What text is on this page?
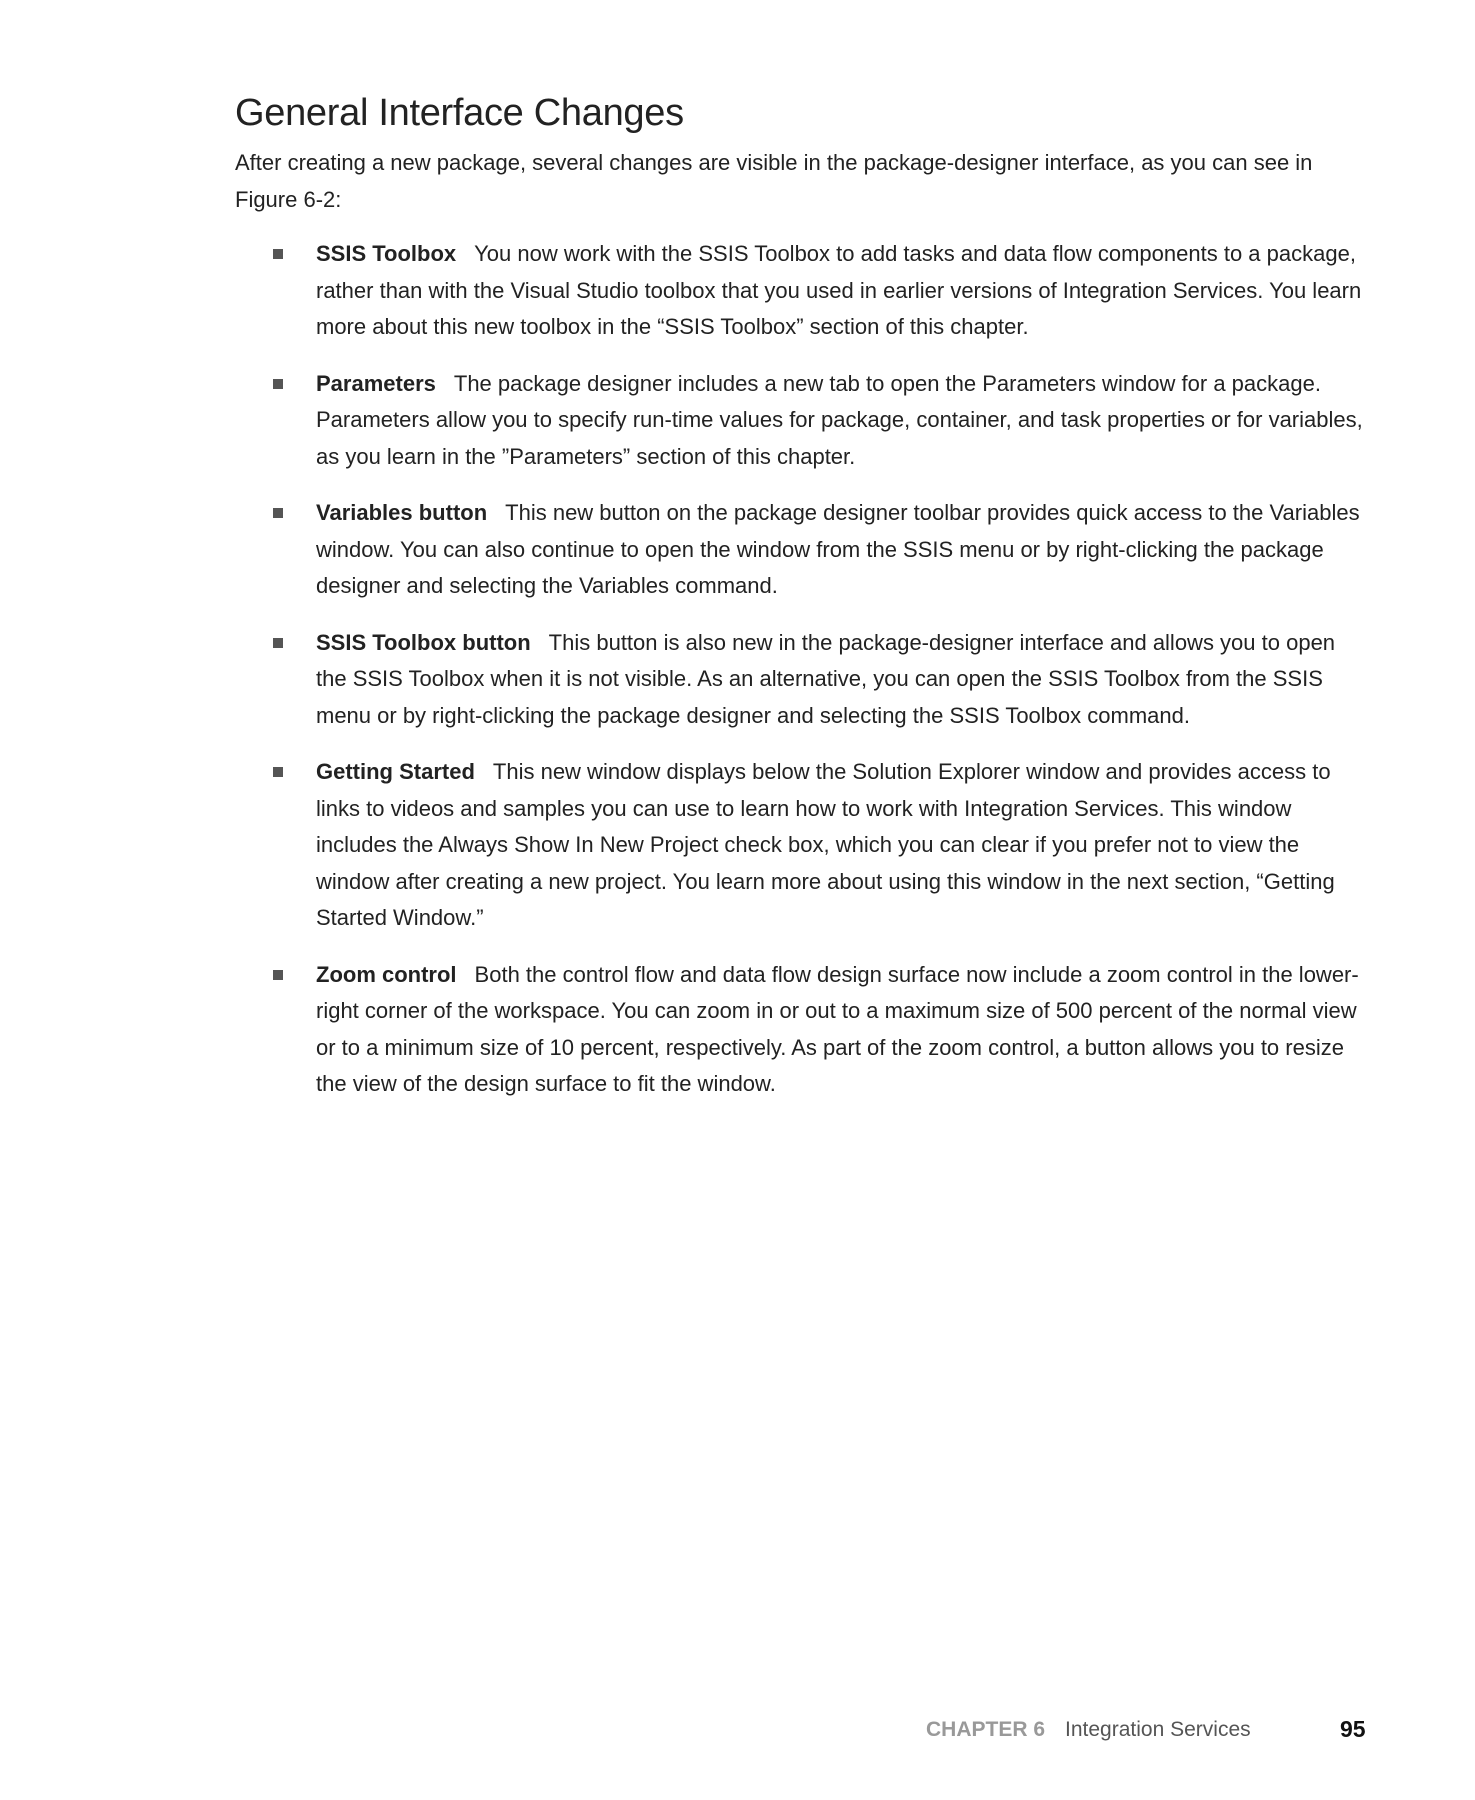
General Interface Changes

After creating a new package, several changes are visible in the package-designer interface, as you can see in Figure 6-2:

SSIS Toolbox You now work with the SSIS Toolbox to add tasks and data flow components to a package, rather than with the Visual Studio toolbox that you used in earlier versions of Integration Services. You learn more about this new toolbox in the “SSIS Toolbox” section of this chapter.
Parameters The package designer includes a new tab to open the Parameters window for a package. Parameters allow you to specify run-time values for package, container, and task properties or for variables, as you learn in the ”Parameters” section of this chapter.
Variables button This new button on the package designer toolbar provides quick access to the Variables window. You can also continue to open the window from the SSIS menu or by right-clicking the package designer and selecting the Variables command.
SSIS Toolbox button This button is also new in the package-designer interface and allows you to open the SSIS Toolbox when it is not visible. As an alternative, you can open the SSIS Toolbox from the SSIS menu or by right-clicking the package designer and selecting the SSIS Toolbox command.
Getting Started This new window displays below the Solution Explorer window and provides access to links to videos and samples you can use to learn how to work with Integration Services. This window includes the Always Show In New Project check box, which you can clear if you prefer not to view the window after creating a new project. You learn more about using this window in the next section, “Getting Started Window.”
Zoom control Both the control flow and data flow design surface now include a zoom control in the lower-right corner of the workspace. You can zoom in or out to a maximum size of 500 percent of the normal view or to a minimum size of 10 percent, respectively. As part of the zoom control, a button allows you to resize the view of the design surface to fit the window.
CHAPTER 6 Integration Services	95
